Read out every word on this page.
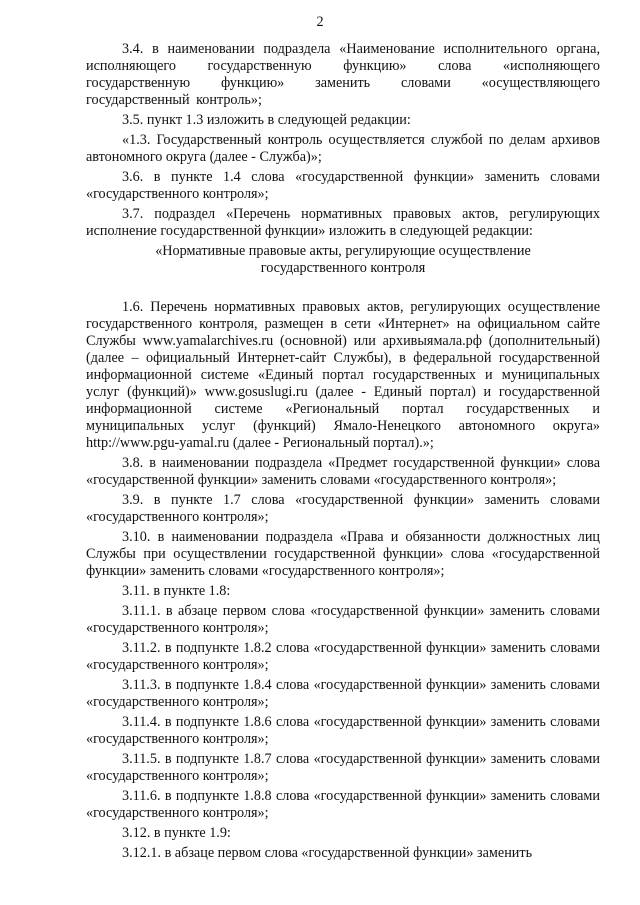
2

3.4. в наименовании подраздела «Наименование исполнительного органа, исполняющего государственную функцию» слова «исполняющего государственную функцию» заменить словами «осуществляющего государственный контроль»;

3.5. пункт 1.3 изложить в следующей редакции:

«1.3. Государственный контроль осуществляется службой по делам архивов автономного округа (далее - Служба)»;

3.6. в пункте 1.4 слова «государственной функции» заменить словами «государственного контроля»;

3.7. подраздел «Перечень нормативных правовых актов, регулирующих исполнение государственной функции» изложить в следующей редакции:

«Нормативные правовые акты, регулирующие осуществление

государственного контроля

1.6. Перечень нормативных правовых актов, регулирующих осуществление государственного контроля, размещен в сети «Интернет» на официальном сайте Службы www.yamalarchives.ru (основной) или архивыямала.рф (дополнительный) (далее – официальный Интернет-сайт Службы), в федеральной государственной информационной системе «Единый портал государственных и муниципальных услуг (функций)» www.gosuslugi.ru (далее - Единый портал) и государственной информационной системе «Региональный портал государственных и муниципальных услуг (функций) Ямало-Ненецкого автономного округа» http://www.pgu-yamal.ru (далее - Региональный портал).»;

3.8. в наименовании подраздела «Предмет государственной функции» слова «государственной функции» заменить словами «государственного контроля»;

3.9. в пункте 1.7 слова «государственной функции» заменить словами «государственного контроля»;

3.10. в наименовании подраздела «Права и обязанности должностных лиц Службы при осуществлении государственной функции» слова «государственной функции» заменить словами «государственного контроля»;

3.11. в пункте 1.8:

3.11.1. в абзаце первом слова «государственной функции» заменить словами «государственного контроля»;

3.11.2. в подпункте 1.8.2 слова «государственной функции» заменить словами «государственного контроля»;

3.11.3. в подпункте 1.8.4 слова «государственной функции» заменить словами «государственного контроля»;

3.11.4. в подпункте 1.8.6 слова «государственной функции» заменить словами «государственного контроля»;

3.11.5. в подпункте 1.8.7 слова «государственной функции» заменить словами «государственного контроля»;

3.11.6. в подпункте 1.8.8 слова «государственной функции» заменить словами «государственного контроля»;

3.12. в пункте 1.9:

3.12.1. в абзаце первом слова «государственной функции» заменить
